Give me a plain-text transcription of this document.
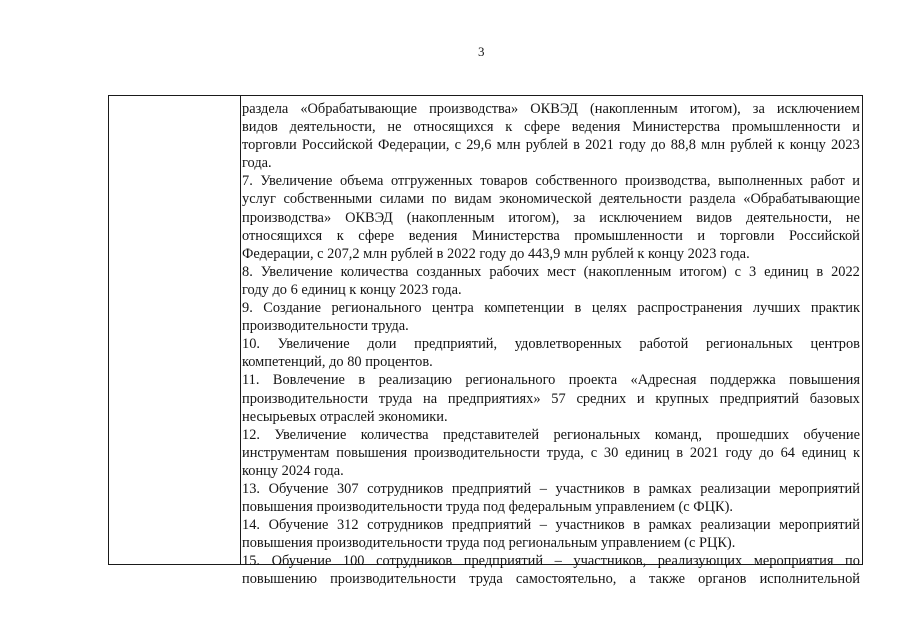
3
раздела «Обрабатывающие производства» ОКВЭД (накопленным итогом), за исключением
видов деятельности, не относящихся к сфере ведения Министерства промышленности и
торговли Российской Федерации, с 29,6 млн рублей в 2021 году до 88,8 млн рублей к концу 2023
года.
7. Увеличение объема отгруженных товаров собственного производства, выполненных работ и
услуг собственными силами по видам экономической деятельности раздела «Обрабатывающие
производства» ОКВЭД (накопленным итогом), за исключением видов деятельности, не
относящихся к сфере ведения Министерства промышленности и торговли Российской
Федерации, с 207,2 млн рублей в 2022 году до 443,9 млн рублей к концу 2023 года.
8. Увеличение количества созданных рабочих мест (накопленным итогом) с 3 единиц в 2022
году до 6 единиц к концу 2023 года.
9. Создание регионального центра компетенции в целях распространения лучших практик
производительности труда.
10. Увеличение доли предприятий, удовлетворенных работой региональных центров
компетенций, до 80 процентов.
11. Вовлечение в реализацию регионального проекта «Адресная поддержка повышения
производительности труда на предприятиях» 57 средних и крупных предприятий базовых
несырьевых отраслей экономики.
12. Увеличение количества представителей региональных команд, прошедших обучение
инструментам повышения производительности труда, с 30 единиц в 2021 году до 64 единиц к
концу 2024 года.
13. Обучение 307 сотрудников предприятий – участников в рамках реализации мероприятий
повышения производительности труда под федеральным управлением (с ФЦК).
14. Обучение 312 сотрудников предприятий – участников в рамках реализации мероприятий
повышения производительности труда под региональным управлением (с РЦК).
15. Обучение 100 сотрудников предприятий – участников, реализующих мероприятия по
повышению производительности труда самостоятельно, а также органов исполнительной
